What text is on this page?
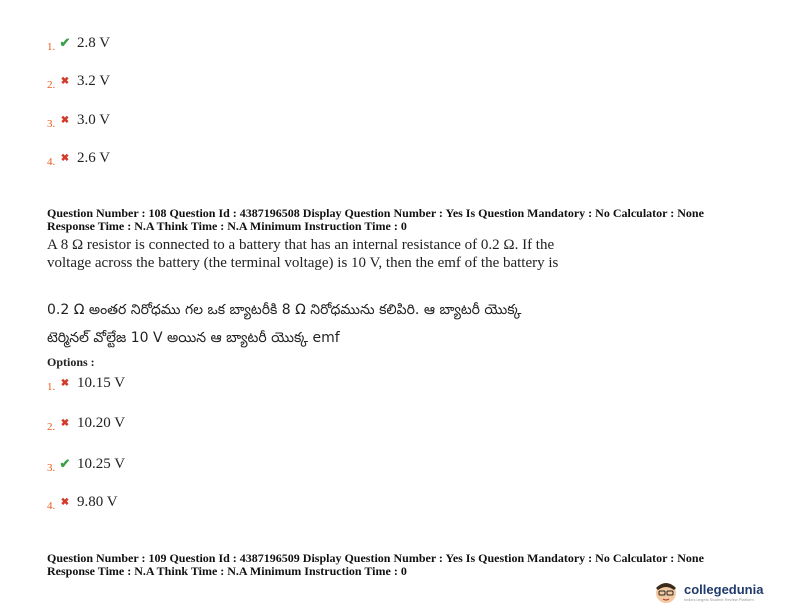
1. ✔ 2.8 V
2. ✖ 3.2 V
3. ✖ 3.0 V
4. ✖ 2.6 V
Question Number : 108 Question Id : 4387196508 Display Question Number : Yes Is Question Mandatory : No Calculator : None
Response Time : N.A Think Time : N.A Minimum Instruction Time : 0
A 8 Ω resistor is connected to a battery that has an internal resistance of 0.2 Ω. If the voltage across the battery (the terminal voltage) is 10 V, then the emf of the battery is
0.2 Ω అంతర నిరోధము గల ఒక బ్యాటరీకి 8 Ω నిరోధమును కలిపిరి. ఆ బ్యాటరీ యొక్క
టెర్మినల్ వోల్టేజ 10 V అయిన ఆ బ్యాటరీ యొక్క emf
Options :
1. ✖ 10.15 V
2. ✖ 10.20 V
3. ✔ 10.25 V
4. ✖ 9.80 V
Question Number : 109 Question Id : 4387196509 Display Question Number : Yes Is Question Mandatory : No Calculator : None
Response Time : N.A Think Time : N.A Minimum Instruction Time : 0
collegedunia
India's largest Student Review Platform
